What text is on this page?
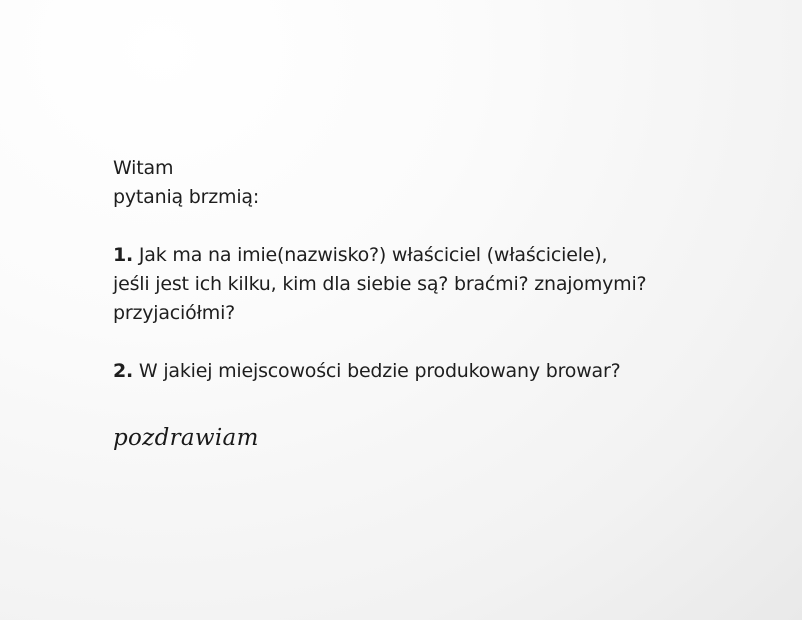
Witam
pytanią brzmią:
1. Jak ma na imie(nazwisko?) właściciel (właściciele),
jeśli jest ich kilku, kim dla siebie są? braćmi? znajomymi?
przyjaciółmi?
2. W jakiej miejscowości bedzie produkowany browar?
pozdrawiam
